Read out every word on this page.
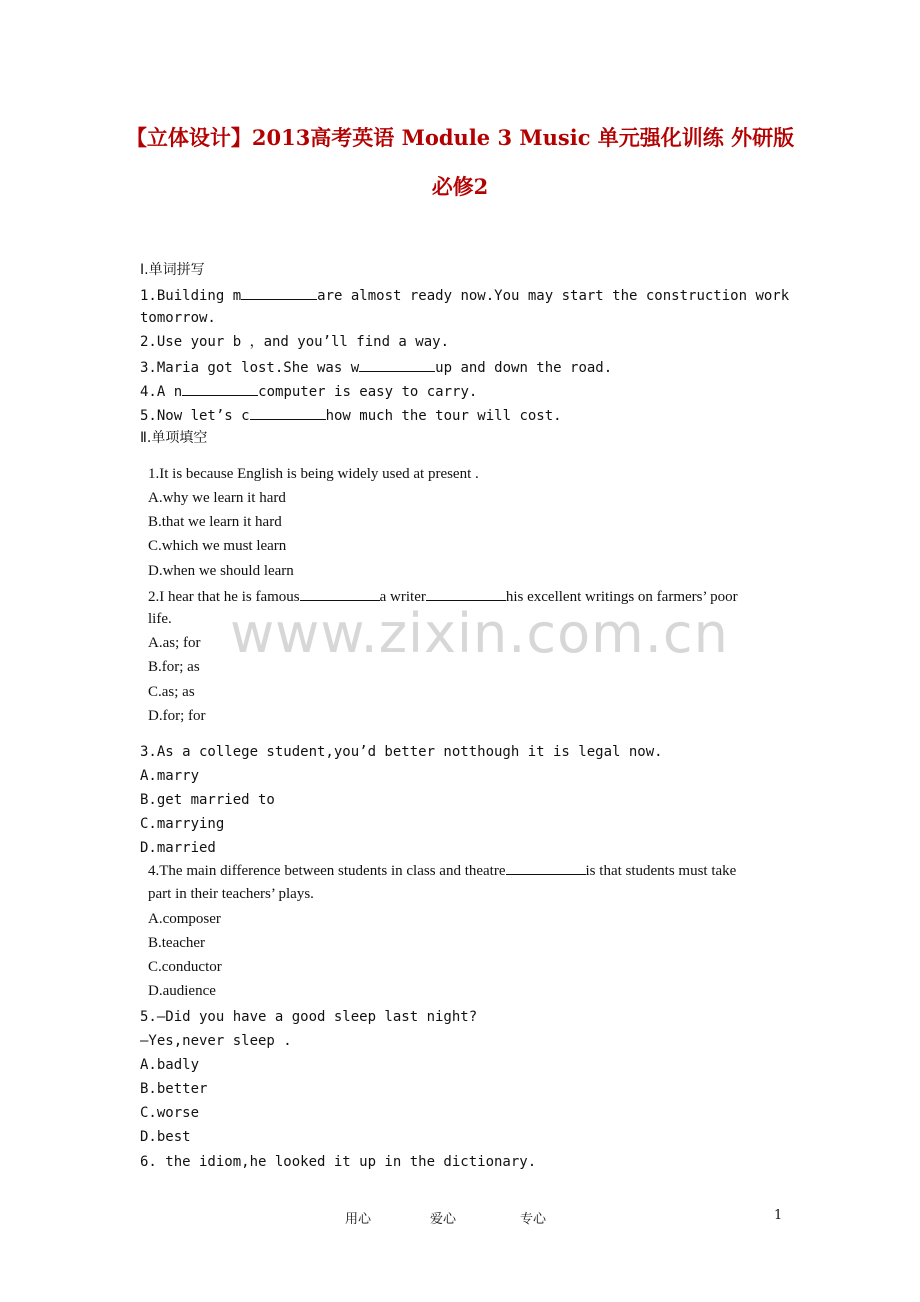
【立体设计】2013高考英语 Module 3 Music 单元强化训练 外研版
必修2
Ⅰ.单词拼写
1.Building m	are almost ready now.You may start the construction work
tomorrow.
2.Use your b ，and you’ll find a way.
3.Maria got lost.She was w	up and down the road.
4.A n	computer is easy to carry.
5.Now let’s c	how much the tour will cost.
Ⅱ.单项填空
1.It is because English is being widely used at present .
A.why we learn it hard
B.that we learn it hard
C.which we must learn
D.when we should learn
2.I hear that he is famous	a writer	his excellent writings on farmers’ poor
life.
A.as; for
B.for; as
C.as; as
D.for; for
3.As a college student,you’d better notthough it is legal now.
A.marry
B.get married to
C.marrying
D.married
4.The main difference between students in class and theatre	is that students must take
part in their teachers’ plays.
A.composer
B.teacher
C.conductor
D.audience
5.—Did you have a good sleep last night?
—Yes,never sleep .
A.badly
B.better
C.worse
D.best
6. the idiom,he looked it up in the dictionary.
www.zixin.com.cn
用心	爱心	专心	1
